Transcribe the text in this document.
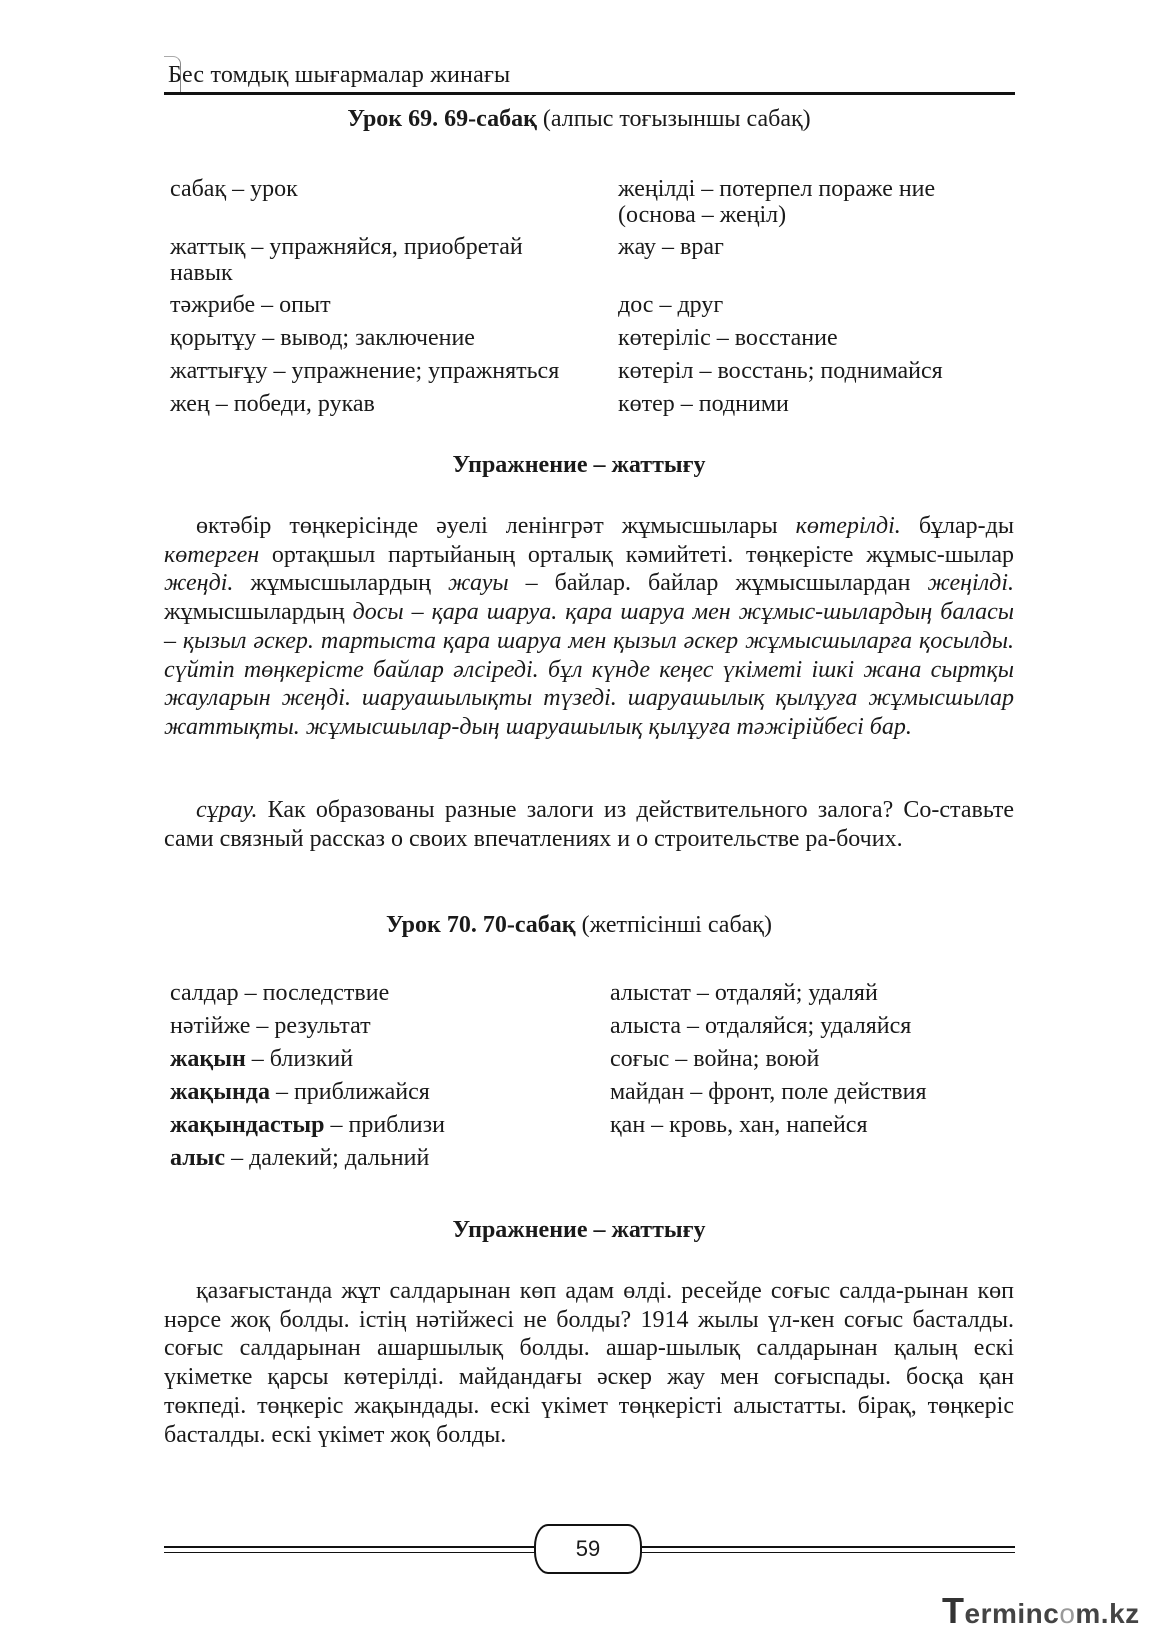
Бес томдық шығармалар жинағы
Урок 69. 69-сабақ (алпыс тоғызыншы сабақ)
сабақ – урок
жаттық – упражняйся, приобретай навык
тәжрибе – опыт
қорытұу – вывод; заключение
жаттығұу – упражнение; упражняться
жең – победи, рукав
жеңілді – потерпел пораже ние (основа – жеңіл)
жау – враг
дос – друг
көтеріліс – восстание
көтеріл – восстань; поднимайся
көтер – подними
Упражнение – жаттығу

өктәбір төңкерісінде әуелі ленінгрәт жұмысшылары көтерілді. бұлар-ды көтерген ортақшыл партыйаның орталық кәмийтеті. төңкерісте жұмыс-шылар жеңді. жұмысшылардың жауы – байлар. байлар жұмысшылардан жеңілді. жұмысшылардың досы – қара шаруа. қара шаруа мен жұмыс-шылардың баласы – қызыл әскер. тартыста қара шаруа мен қызыл әскер жұмысшыларға қосылды. сүйтіп төңкерісте байлар әлсіреді. бұл күнде кеңес үкіметі ішкі жана сыртқы жауларын жеңді. шаруашылықты түзеді. шаруашылық қылұуға жұмысшылар жаттықты. жұмысшылар-дың шаруашылық қылұуға тәжірійбесі бар.

сұрау. Как образованы разные залоги из действительного залога? Со-ставьте сами связный рассказ о своих впечатлениях и о строительстве ра-бочих.

Урок 70. 70-сабақ (жетпісінші сабақ)
салдар – последствие
нәтійже – результат
жақын – близкий
жақында – приближайся
жақындастыр – приблизи
алыс – далекий; дальний
алыстат – отдаляй; удаляй
алыста – отдаляйся; удаляйся
соғыс – война; воюй
майдан – фронт, поле действия
қан – кровь, хан, напейся
Упражнение – жаттығу

қазағыстанда жұт салдарынан көп адам өлді. ресейде соғыс салда-рынан көп нәрсе жоқ болды. істің нәтійжесі не болды? 1914 жылы үл-кен соғыс басталды. соғыс салдарынан ашаршылық болды. ашар-шылық салдарынан қалың ескі үкіметке қарсы көтерілді. майдандағы әскер жау мен соғыспады. босқа қан төкпеді. төңкеріс жақындады. ескі үкімет төңкерісті алыстатты. бірақ, төңкеріс басталды. ескі үкімет жоқ болды.

59
Termincom.kz
